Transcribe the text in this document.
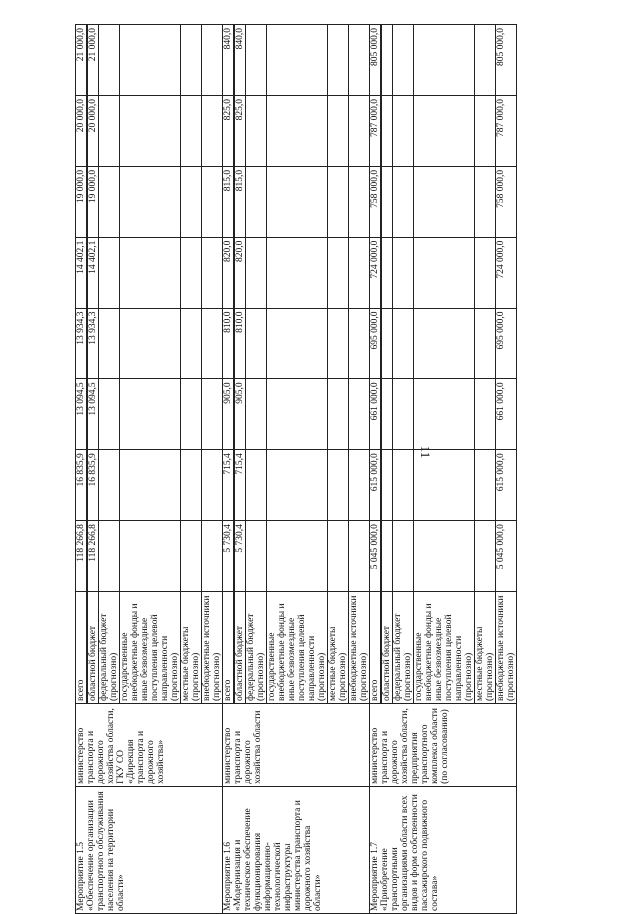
11
Мероприятие 1.5 «Обеспечение организации транспортного обслуживания населения на территории области»	министерство транспорта и дорожного хозяйства области, ГКУ СО «Дирекция транспорта и дорожного хозяйства»	всего	118 266,8	16 835,9	13 094,5	13 934,3	14 402,1	19 000,0	20 000,0	21 000,0
		областной бюджет	118 266,8	16 835,9	13 094,5	13 934,3	14 402,1	19 000,0	20 000,0	21 000,0
		федеральный бюджет (прогнозно)								
		государственные внебюджетные фонды и иные безвозмездные поступления целевой направленности (прогнозно)								
		местные бюджеты (прогнозно)								
		внебюджетные источники (прогнозно)								
Мероприятие 1.6 «Модернизация и техническое обеспечение функционирования информационно-технологической инфраструктуры министерства транспорта и дорожного хозяйства области»	министерство транспорта и дорожного хозяйства области	всего	5 730,4	715,4	905,0	810,0	820,0	815,0	825,0	840,0
		областной бюджет	5 730,4	715,4	905,0	810,0	820,0	815,0	825,0	840,0
		федеральный бюджет (прогнозно)								
		государственные внебюджетные фонды и иные безвозмездные поступления целевой направленности (прогнозно)								
		местные бюджеты (прогнозно)								
		внебюджетные источники (прогнозно)								
Мероприятие 1.7 «Приобретение транспортными организациями области всех видов и форм собственности пассажирского подвижного состава»	министерство транспорта и дорожного хозяйства области, предприятия транспортного комплекса области (по согласованию)	всего	5 045 000,0	615 000,0	661 000,0	695 000,0	724 000,0	758 000,0	787 000,0	805 000,0
		областной бюджет								
		федеральный бюджет (прогнозно)								
		государственные внебюджетные фонды и иные безвозмездные поступления целевой направленности (прогнозно)								
		местные бюджеты (прогнозно)								
		внебюджетные источники (прогнозно)	5 045 000,0	615 000,0	661 000,0	695 000,0	724 000,0	758 000,0	787 000,0	805 000,0
